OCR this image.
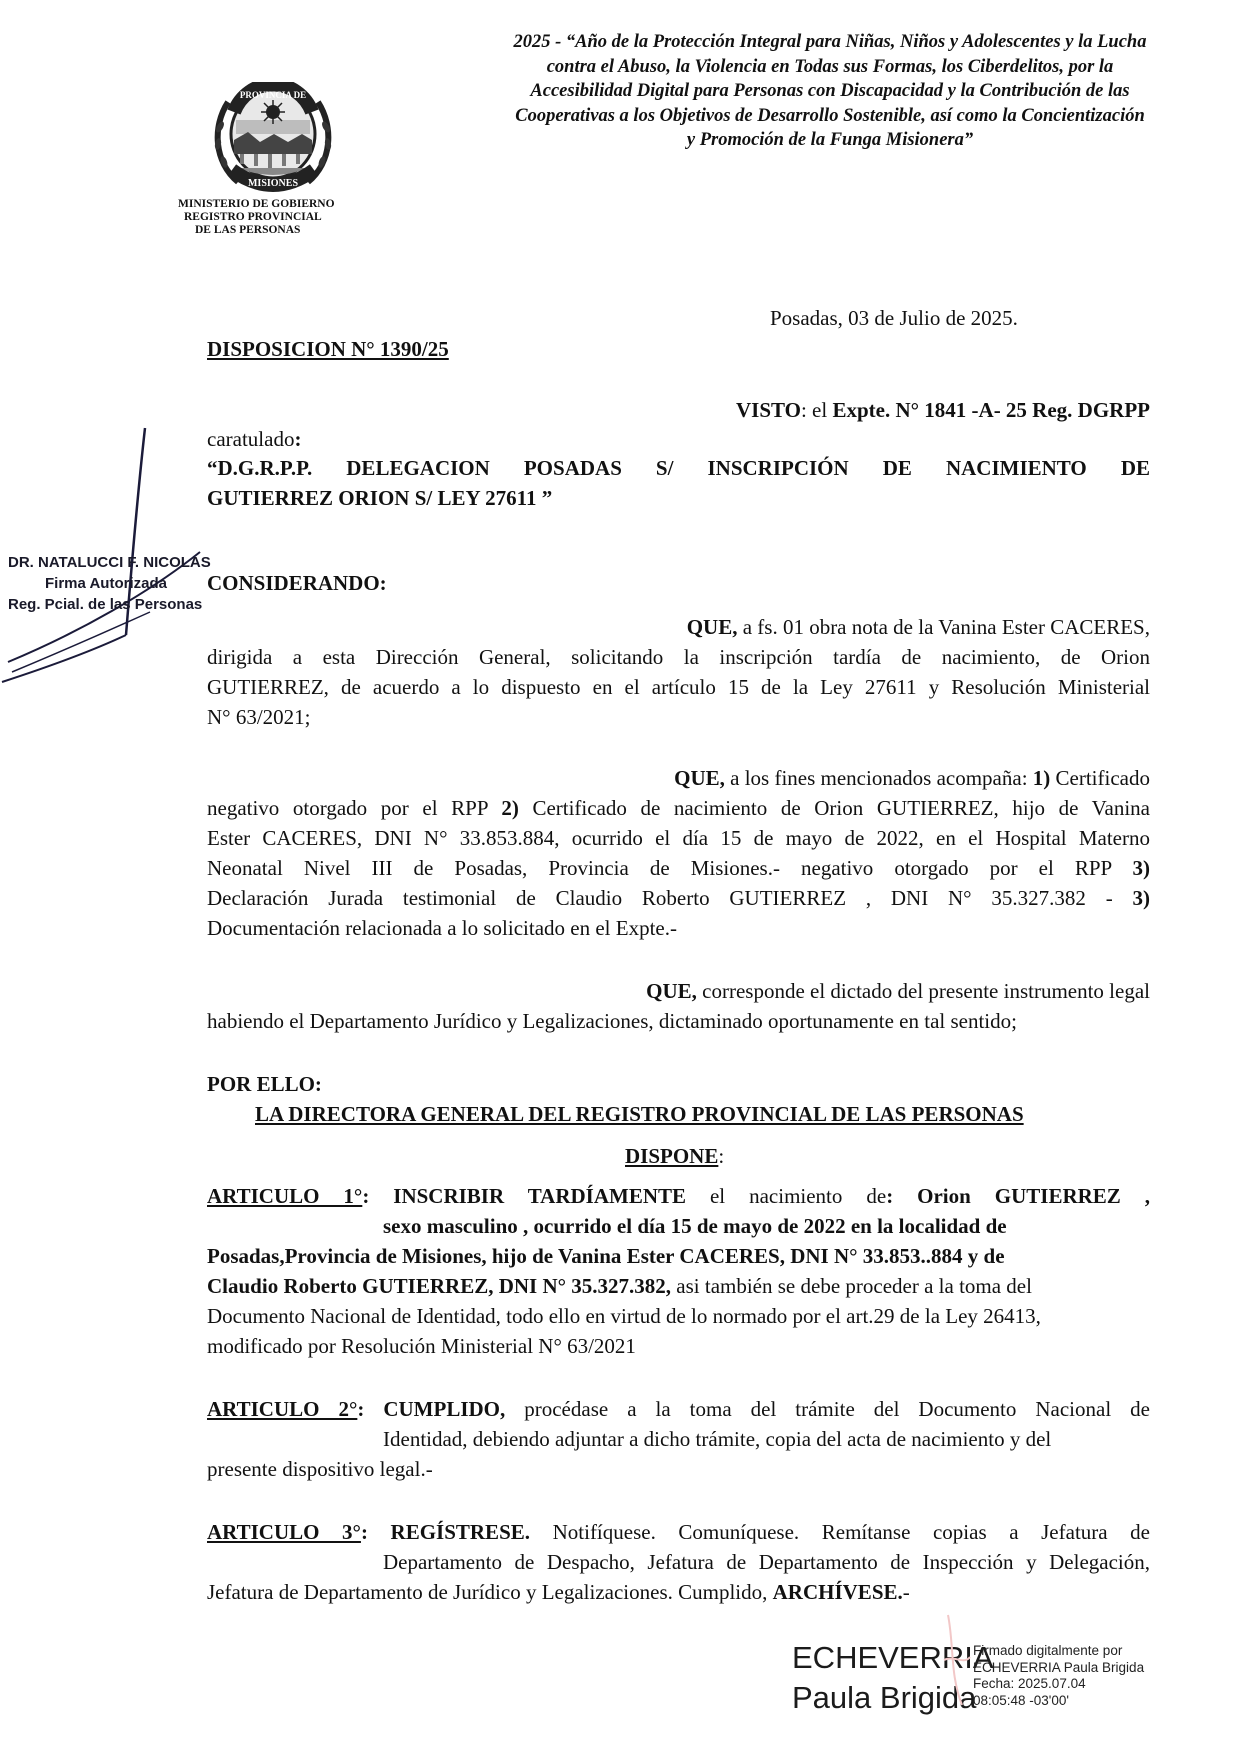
PROVINCIA DE
MISIONES
MINISTERIO DE GOBIERNO
REGISTRO PROVINCIAL
DE LAS PERSONAS
2025 - “Año de la Protección Integral para Niñas, Niños y Adolescentes y la Lucha
contra el Abuso, la Violencia en Todas sus Formas, los Ciberdelitos, por la
Accesibilidad Digital para Personas con Discapacidad y la Contribución de las
Cooperativas a los Objetivos de Desarrollo Sostenible, así como la Concientización
y Promoción de la Funga Misionera”
Posadas, 03 de Julio de 2025.
DISPOSICION N° 1390/25
VISTO: el Expte. N° 1841 -A- 25 Reg. DGRPP
caratulado:
“D.G.R.P.P. DELEGACION POSADAS S/ INSCRIPCIÓN DE NACIMIENTO DE
GUTIERREZ ORION S/ LEY 27611 ”
CONSIDERANDO:
QUE, a fs. 01 obra nota de la Vanina Ester CACERES,
dirigida a esta Dirección General, solicitando la inscripción tardía de nacimiento, de Orion
GUTIERREZ, de acuerdo a lo dispuesto en el artículo 15 de la Ley 27611 y Resolución Ministerial
N° 63/2021;
QUE, a los fines mencionados acompaña: 1) Certificado
negativo otorgado por el RPP 2) Certificado de nacimiento de Orion GUTIERREZ, hijo de Vanina
Ester CACERES, DNI N° 33.853.884, ocurrido el día 15 de mayo de 2022, en el Hospital Materno
Neonatal Nivel III de Posadas, Provincia de Misiones.- negativo otorgado por el RPP 3)
Declaración Jurada testimonial de Claudio Roberto GUTIERREZ , DNI N° 35.327.382 - 3)
Documentación relacionada a lo solicitado en el Expte.-
QUE, corresponde el dictado del presente instrumento legal
habiendo el Departamento Jurídico y Legalizaciones, dictaminado oportunamente en tal sentido;
POR ELLO:
LA DIRECTORA GENERAL DEL REGISTRO PROVINCIAL DE LAS PERSONAS
DISPONE:
ARTICULO 1°: INSCRIBIR TARDÍAMENTE el nacimiento de: Orion GUTIERREZ ,
sexo masculino , ocurrido el día 15 de mayo de 2022 en la localidad de
Posadas,Provincia de Misiones, hijo de Vanina Ester CACERES, DNI N° 33.853..884 y de
Claudio Roberto GUTIERREZ, DNI N° 35.327.382, asi también se debe proceder a la toma del
Documento Nacional de Identidad, todo ello en virtud de lo normado por el art.29 de la Ley 26413,
modificado por Resolución Ministerial N° 63/2021
ARTICULO 2°: CUMPLIDO, procédase a la toma del trámite del Documento Nacional de
Identidad, debiendo adjuntar a dicho trámite, copia del acta de nacimiento y del
presente dispositivo legal.-
ARTICULO 3°: REGÍSTRESE. Notifíquese. Comuníquese. Remítanse copias a Jefatura de
Departamento de Despacho, Jefatura de Departamento de Inspección y Delegación,
Jefatura de Departamento de Jurídico y Legalizaciones. Cumplido, ARCHÍVESE.-
DR. NATALUCCI F. NICOLAS
Firma Autorizada
Reg. Pcial. de las Personas
ECHEVERRIA
Paula Brigida
Firmado digitalmente por
ECHEVERRIA Paula Brigida
Fecha: 2025.07.04
08:05:48 -03'00'
